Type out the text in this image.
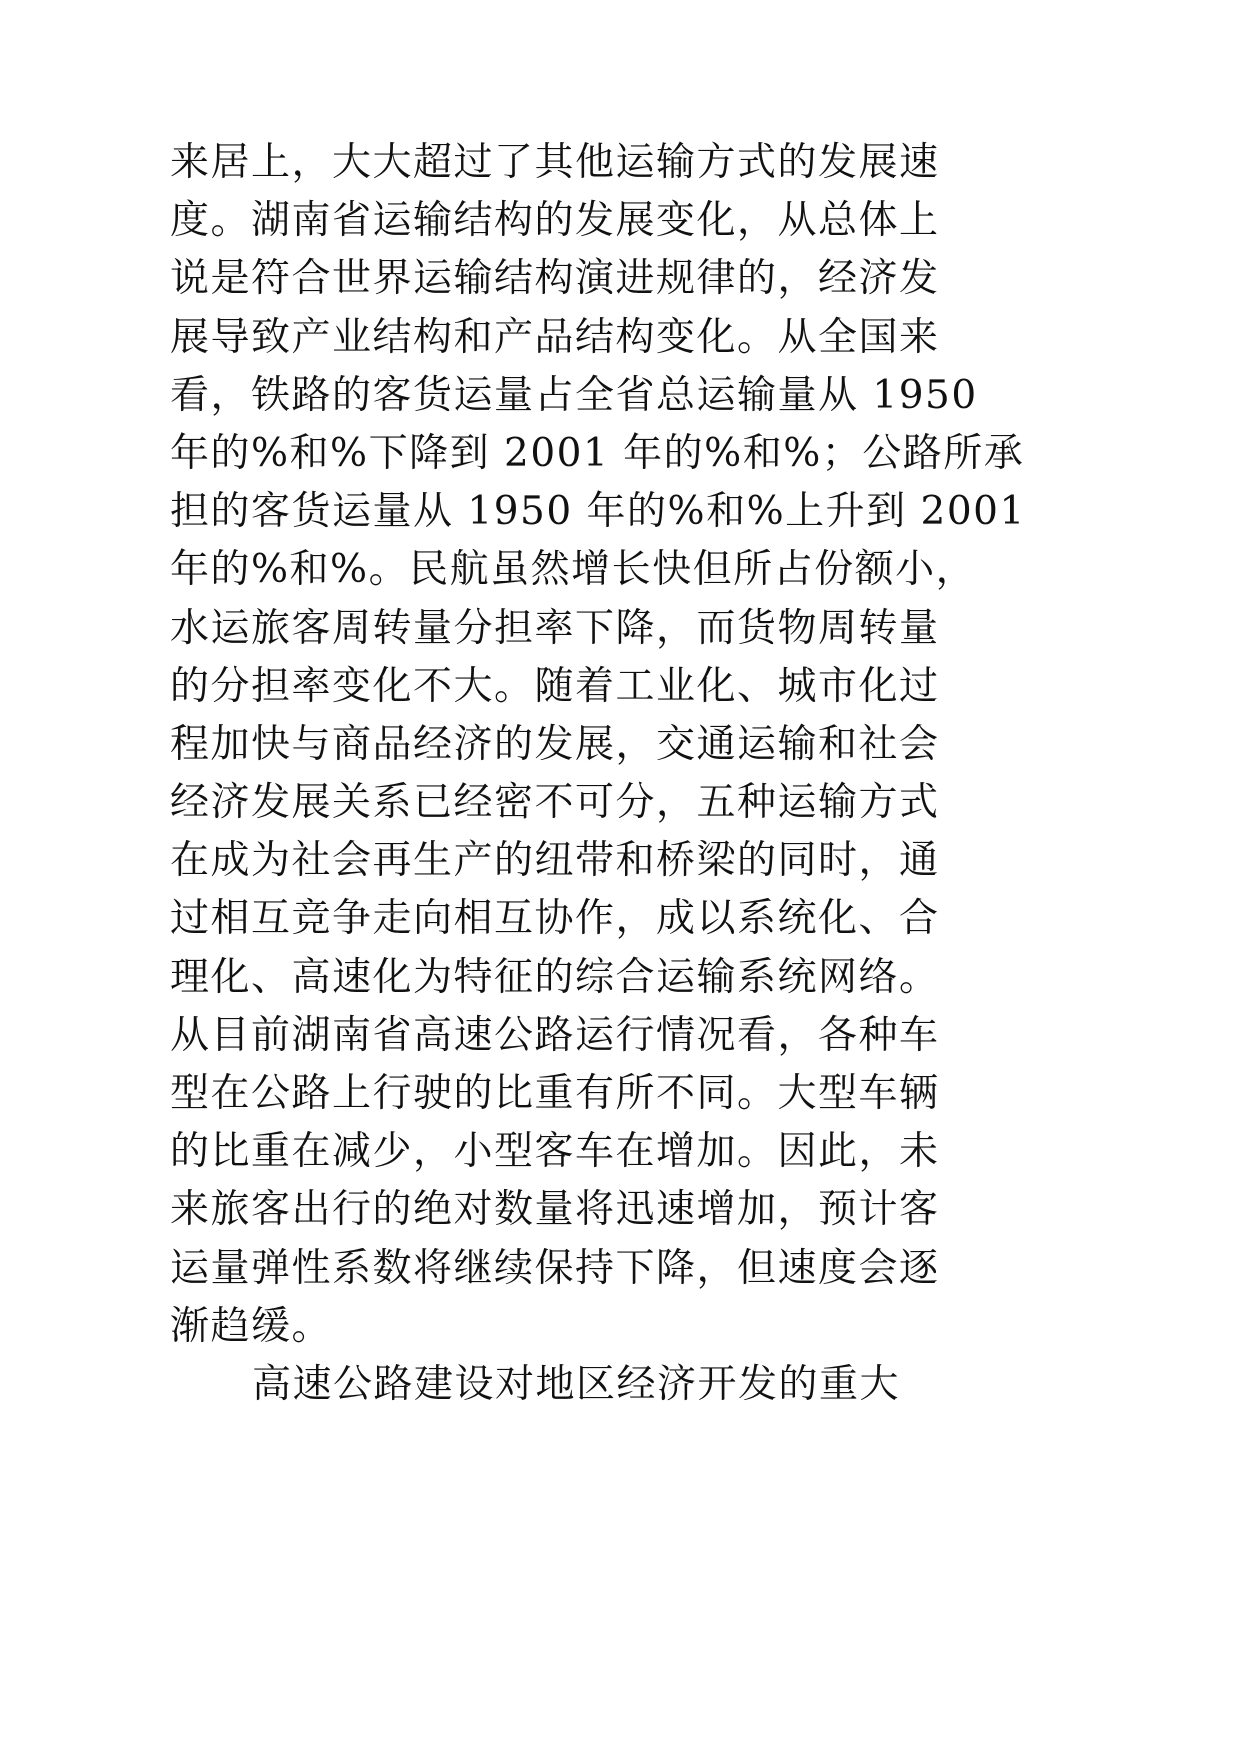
来居上，大大超过了其他运输方式的发展速
度。湖南省运输结构的发展变化，从总体上
说是符合世界运输结构演进规律的，经济发
展导致产业结构和产品结构变化。从全国来
看，铁路的客货运量占全省总运输量从 1950
年的%和%下降到 2001 年的%和%；公路所承
担的客货运量从 1950 年的%和%上升到 2001
年的%和%。民航虽然增长快但所占份额小，
水运旅客周转量分担率下降，而货物周转量
的分担率变化不大。随着工业化、城市化过
程加快与商品经济的发展，交通运输和社会
经济发展关系已经密不可分，五种运输方式
在成为社会再生产的纽带和桥梁的同时，通
过相互竞争走向相互协作，成以系统化、合
理化、高速化为特征的综合运输系统网络。
从目前湖南省高速公路运行情况看，各种车
型在公路上行驶的比重有所不同。大型车辆
的比重在减少，小型客车在增加。因此，未
来旅客出行的绝对数量将迅速增加，预计客
运量弹性系数将继续保持下降，但速度会逐
渐趋缓。
高速公路建设对地区经济开发的重大
